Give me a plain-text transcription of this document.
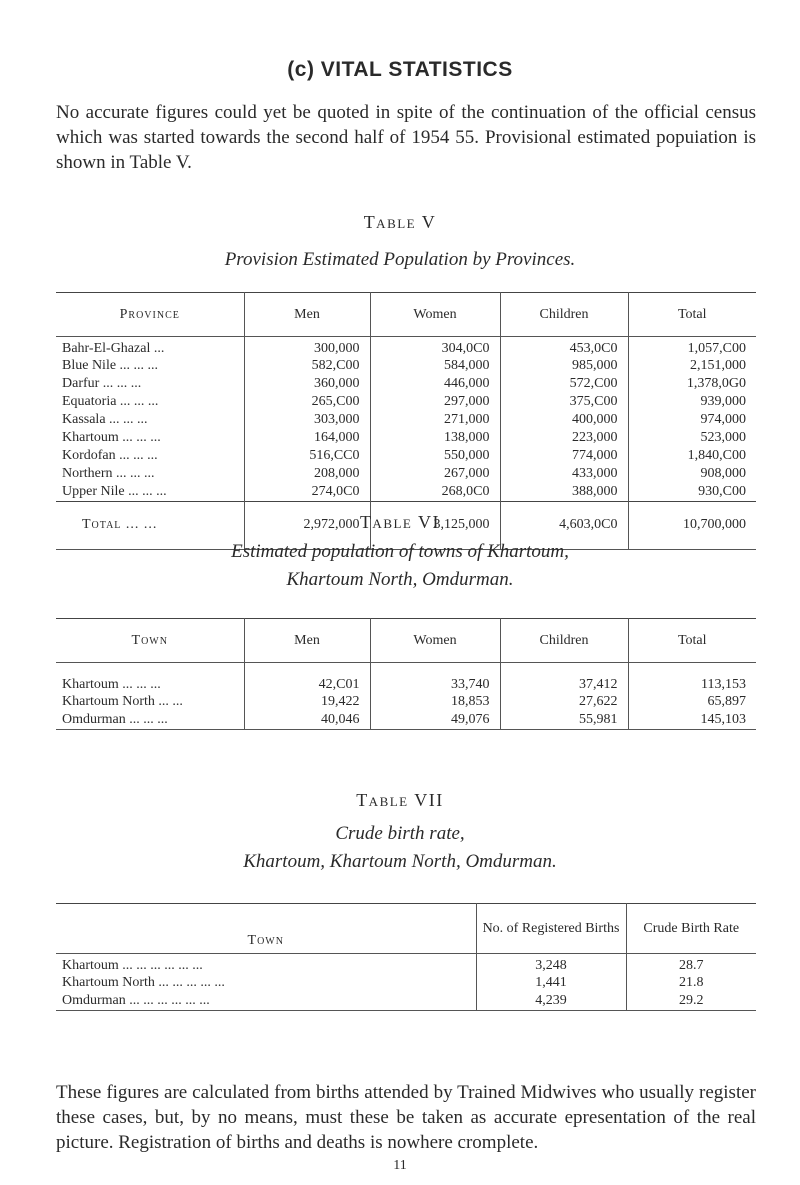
(c) VITAL STATISTICS

No accurate figures could yet be quoted in spite of the continuation of the official census which was started towards the second half of 1954 55. Provisional estimated popuiation is shown in Table V.

Table V
Provision Estimated Population by Provinces.
Province	Men	Women	Children	Total
Bahr-El-Ghazal ...	300,000	304,0C0	453,0C0	1,057,C00
Blue Nile ... ... ...	582,C00	584,000	985,000	2,151,000
Darfur ... ... ...	360,000	446,000	572,C00	1,378,0G0
Equatoria ... ... ...	265,C00	297,000	375,C00	939,000
Kassala ... ... ...	303,000	271,000	400,000	974,000
Khartoum ... ... ...	164,000	138,000	223,000	523,000
Kordofan ... ... ...	516,CC0	550,000	774,000	1,840,C00
Northern ... ... ...	208,000	267,000	433,000	908,000
Upper Nile ... ... ...	274,0C0	268,0C0	388,000	930,C00
Total ... ...	2,972,000	3,125,000	4,603,0C0	10,700,000
Table VI
Estimated population of towns of Khartoum,
Khartoum North, Omdurman.
Town	Men	Women	Children	Total
Khartoum ... ... ...	42,C01	33,740	37,412	113,153
Khartoum North ... ...	19,422	18,853	27,622	65,897
Omdurman ... ... ...	40,046	49,076	55,981	145,103
Table VII
Crude birth rate,
Khartoum, Khartoum North, Omdurman.
Town	No. of Registered Births	Crude Birth Rate
Khartoum ... ... ... ... ... ...	3,248	28.7
Khartoum North ... ... ... ... ...	1,441	21.8
Omdurman ... ... ... ... ... ...	4,239	29.2

These figures are calculated from births attended by Trained Midwives who usually register these cases, but, by no means, must these be taken as accurate epresentation of the real picture. Registration of births and deaths is nowhere cromplete.

11
